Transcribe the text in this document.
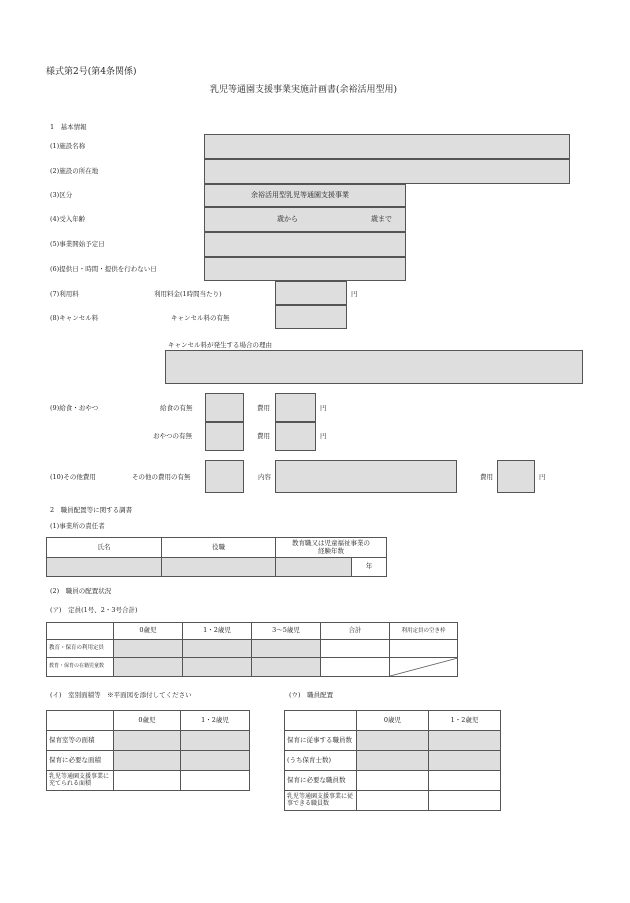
様式第2号(第4条関係)
乳児等通園支援事業実施計画書(余裕活用型用)
1　基本情報
(1)施設名称
(2)施設の所在地
(3)区分	余裕活用型乳児等通園支援事業
(4)受入年齢	歳から	歳まで
(5)事業開始予定日
(6)提供日・時間・提供を行わない日
(7)利用料	利用料金(1時間当たり)	円
(8)キャンセル料	キャンセル料の有無
キャンセル料が発生する場合の理由
(9)給食・おやつ	給食の有無	費用	円
おやつの有無	費用	円
(10)その他費用	その他の費用の有無	内容	費用	円
2　職員配置等に関する調書
(1)事業所の責任者
氏名	役職	教育職又は児童福祉事業の経験年数	
			年
(2)　職員の配置状況
(ア)　定員(1号、2・3号合計)
	0歳児	1・2歳児	3〜5歳児	合計	利用定員の空き枠
教育・保育の利用定員					
教育・保育の在籍児童数					
(イ)　室別面積等　※平面図を添付してください
	0歳児	1・2歳児
保育室等の面積		
保育に必要な面積		
乳児等通園支援事業に充てられる面積		
(ウ)　職員配置
	0歳児	1・2歳児
保育に従事する職員数		
(うち保育士数)		
保育に必要な職員数		
乳児等通園支援事業に従事できる職員数		
